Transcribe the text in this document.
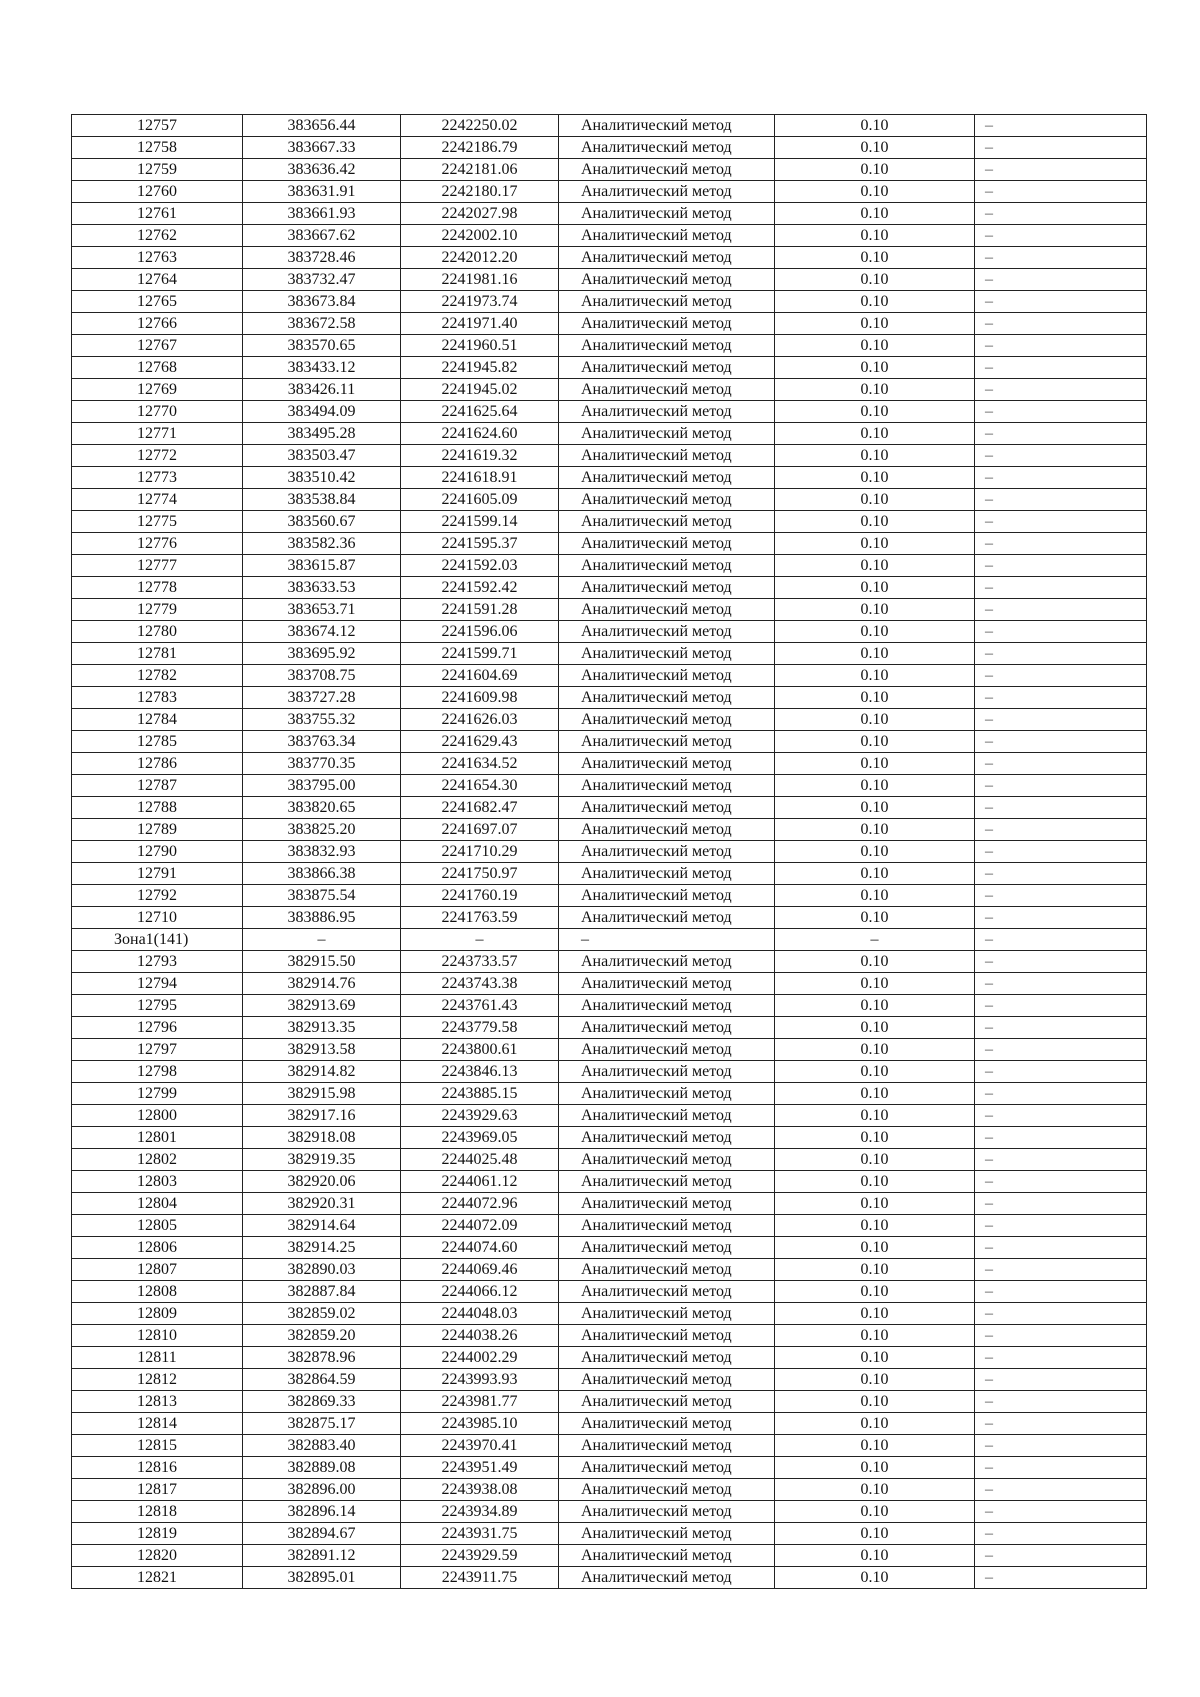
12757	383656.44	2242250.02	Аналитический метод	0.10	–
12758	383667.33	2242186.79	Аналитический метод	0.10	–
12759	383636.42	2242181.06	Аналитический метод	0.10	–
12760	383631.91	2242180.17	Аналитический метод	0.10	–
12761	383661.93	2242027.98	Аналитический метод	0.10	–
12762	383667.62	2242002.10	Аналитический метод	0.10	–
12763	383728.46	2242012.20	Аналитический метод	0.10	–
12764	383732.47	2241981.16	Аналитический метод	0.10	–
12765	383673.84	2241973.74	Аналитический метод	0.10	–
12766	383672.58	2241971.40	Аналитический метод	0.10	–
12767	383570.65	2241960.51	Аналитический метод	0.10	–
12768	383433.12	2241945.82	Аналитический метод	0.10	–
12769	383426.11	2241945.02	Аналитический метод	0.10	–
12770	383494.09	2241625.64	Аналитический метод	0.10	–
12771	383495.28	2241624.60	Аналитический метод	0.10	–
12772	383503.47	2241619.32	Аналитический метод	0.10	–
12773	383510.42	2241618.91	Аналитический метод	0.10	–
12774	383538.84	2241605.09	Аналитический метод	0.10	–
12775	383560.67	2241599.14	Аналитический метод	0.10	–
12776	383582.36	2241595.37	Аналитический метод	0.10	–
12777	383615.87	2241592.03	Аналитический метод	0.10	–
12778	383633.53	2241592.42	Аналитический метод	0.10	–
12779	383653.71	2241591.28	Аналитический метод	0.10	–
12780	383674.12	2241596.06	Аналитический метод	0.10	–
12781	383695.92	2241599.71	Аналитический метод	0.10	–
12782	383708.75	2241604.69	Аналитический метод	0.10	–
12783	383727.28	2241609.98	Аналитический метод	0.10	–
12784	383755.32	2241626.03	Аналитический метод	0.10	–
12785	383763.34	2241629.43	Аналитический метод	0.10	–
12786	383770.35	2241634.52	Аналитический метод	0.10	–
12787	383795.00	2241654.30	Аналитический метод	0.10	–
12788	383820.65	2241682.47	Аналитический метод	0.10	–
12789	383825.20	2241697.07	Аналитический метод	0.10	–
12790	383832.93	2241710.29	Аналитический метод	0.10	–
12791	383866.38	2241750.97	Аналитический метод	0.10	–
12792	383875.54	2241760.19	Аналитический метод	0.10	–
12710	383886.95	2241763.59	Аналитический метод	0.10	–
Зона1(141)	–	–	–	–	–
12793	382915.50	2243733.57	Аналитический метод	0.10	–
12794	382914.76	2243743.38	Аналитический метод	0.10	–
12795	382913.69	2243761.43	Аналитический метод	0.10	–
12796	382913.35	2243779.58	Аналитический метод	0.10	–
12797	382913.58	2243800.61	Аналитический метод	0.10	–
12798	382914.82	2243846.13	Аналитический метод	0.10	–
12799	382915.98	2243885.15	Аналитический метод	0.10	–
12800	382917.16	2243929.63	Аналитический метод	0.10	–
12801	382918.08	2243969.05	Аналитический метод	0.10	–
12802	382919.35	2244025.48	Аналитический метод	0.10	–
12803	382920.06	2244061.12	Аналитический метод	0.10	–
12804	382920.31	2244072.96	Аналитический метод	0.10	–
12805	382914.64	2244072.09	Аналитический метод	0.10	–
12806	382914.25	2244074.60	Аналитический метод	0.10	–
12807	382890.03	2244069.46	Аналитический метод	0.10	–
12808	382887.84	2244066.12	Аналитический метод	0.10	–
12809	382859.02	2244048.03	Аналитический метод	0.10	–
12810	382859.20	2244038.26	Аналитический метод	0.10	–
12811	382878.96	2244002.29	Аналитический метод	0.10	–
12812	382864.59	2243993.93	Аналитический метод	0.10	–
12813	382869.33	2243981.77	Аналитический метод	0.10	–
12814	382875.17	2243985.10	Аналитический метод	0.10	–
12815	382883.40	2243970.41	Аналитический метод	0.10	–
12816	382889.08	2243951.49	Аналитический метод	0.10	–
12817	382896.00	2243938.08	Аналитический метод	0.10	–
12818	382896.14	2243934.89	Аналитический метод	0.10	–
12819	382894.67	2243931.75	Аналитический метод	0.10	–
12820	382891.12	2243929.59	Аналитический метод	0.10	–
12821	382895.01	2243911.75	Аналитический метод	0.10	–
